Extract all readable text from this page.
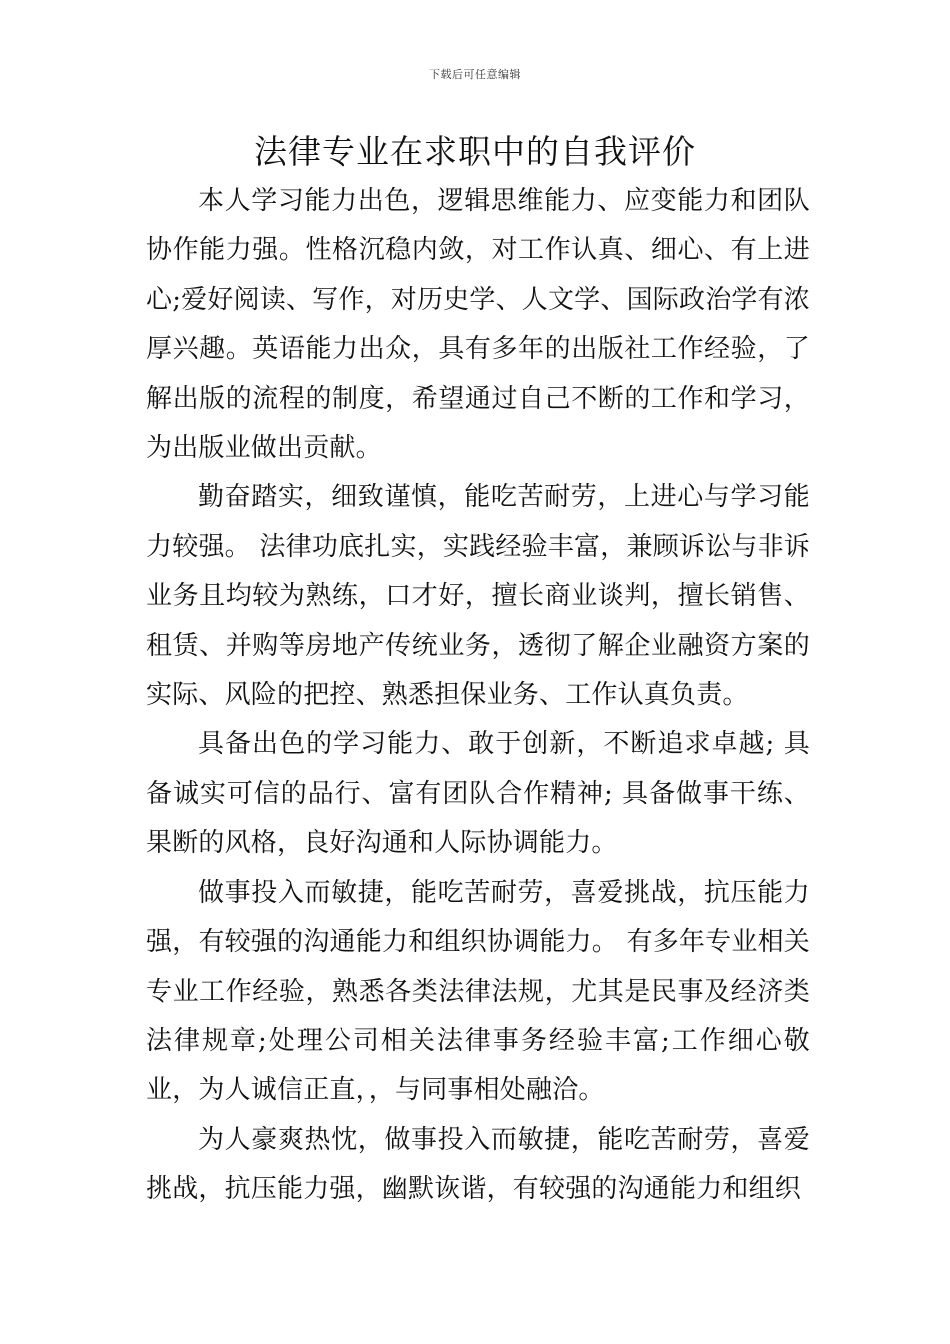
下载后可任意编辑
法律专业在求职中的自我评价

本人学习能力出色，逻辑思维能力、应变能力和团队协作能力强。性格沉稳内敛，对工作认真、细心、有上进心;爱好阅读、写作，对历史学、人文学、国际政治学有浓厚兴趣。英语能力出众，具有多年的出版社工作经验，了解出版的流程的制度，希望通过自己不断的工作和学习，为出版业做出贡献。

勤奋踏实，细致谨慎，能吃苦耐劳，上进心与学习能力较强。 法律功底扎实，实践经验丰富，兼顾诉讼与非诉业务且均较为熟练，口才好，擅长商业谈判，擅长销售、租赁、并购等房地产传统业务，透彻了解企业融资方案的实际、风险的把控、熟悉担保业务、工作认真负责。

具备出色的学习能力、敢于创新，不断追求卓越; 具备诚实可信的品行、富有团队合作精神; 具备做事干练、果断的风格，良好沟通和人际协调能力。

做事投入而敏捷，能吃苦耐劳，喜爱挑战，抗压能力强，有较强的沟通能力和组织协调能力。 有多年专业相关专业工作经验，熟悉各类法律法规，尤其是民事及经济类法律规章;处理公司相关法律事务经验丰富;工作细心敬业，为人诚信正直，，与同事相处融洽。

为人豪爽热忱，做事投入而敏捷，能吃苦耐劳，喜爱挑战，抗压能力强，幽默诙谐，有较强的沟通能力和组织
